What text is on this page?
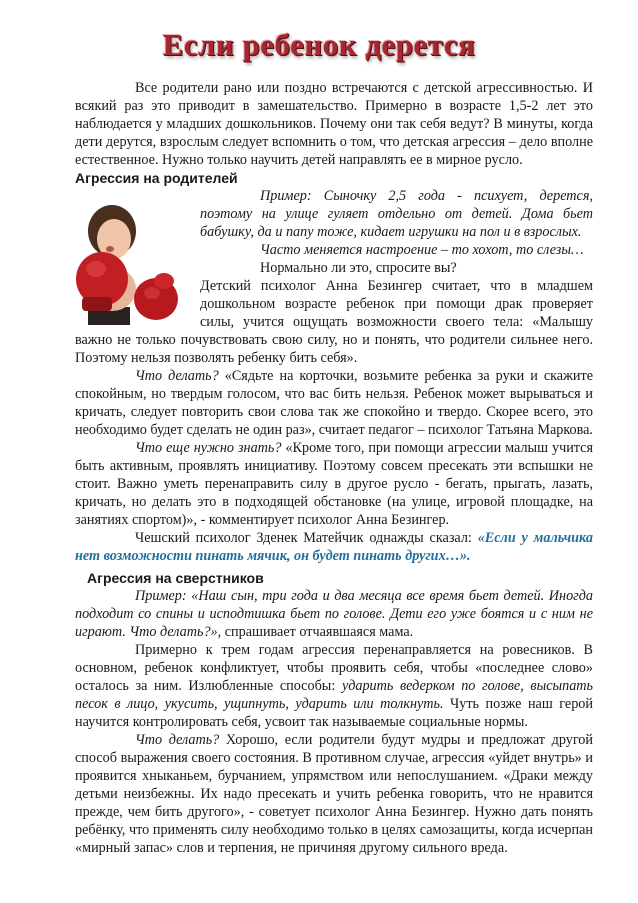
Если ребенок дерется

Все родители рано или поздно встречаются с детской агрессивностью. И всякий раз это приводит в замешательство. Примерно в возрасте 1,5-2 лет это наблюдается у младших дошкольников. Почему они так себя ведут? В минуты, когда дети дерутся, взрослым следует вспомнить о том, что детская агрессия – дело вполне естественное. Нужно только научить детей направлять ее в мирное русло.

Агрессия на родителей

Пример: Сыночку 2,5 года - психует, дерется, поэтому на улице гуляет отдельно от детей. Дома бьет бабушку, да и папу тоже, кидает игрушки на пол и в взрослых.

Часто меняется настроение – то хохот, то слезы…

Нормально ли это, спросите вы?

Детский психолог Анна Безингер считает, что в младшем дошкольном возрасте ребенок при помощи драк проверяет силы, учится ощущать возможности своего тела: «Малышу важно не только почувствовать свою силу, но и понять, что родители сильнее него. Поэтому нельзя позволять ребенку бить себя».

Что делать? «Сядьте на корточки, возьмите ребенка за руки и скажите спокойным, но твердым голосом, что вас бить нельзя. Ребенок может вырываться и кричать, следует повторить свои слова так же спокойно и твердо. Скорее всего, это необходимо будет сделать не один раз», считает педагог – психолог Татьяна Маркова.

Что еще нужно знать? «Кроме того, при помощи агрессии малыш учится быть активным, проявлять инициативу. Поэтому совсем пресекать эти вспышки не стоит. Важно уметь перенаправить силу в другое русло - бегать, прыгать, лазать, кричать, но делать это в подходящей обстановке (на улице, игровой площадке, на занятиях спортом)», - комментирует психолог Анна Безингер.

Чешский психолог Зденек Матейчик однажды сказал: «Если у мальчика нет возможности пинать мячик, он будет пинать других…».

Агрессия на сверстников

Пример: «Наш сын, три года и два месяца все время бьет детей. Иногда подходит со спины и исподтишка бьет по голове. Дети его уже боятся и с ним не играют. Что делать?», спрашивает отчаявшаяся мама.

Примерно к трем годам агрессия перенаправляется на ровесников. В основном, ребенок конфликтует, чтобы проявить себя, чтобы «последнее слово» осталось за ним. Излюбленные способы: ударить ведерком по голове, высыпать песок в лицо, укусить, ущипнуть, ударить или толкнуть. Чуть позже наш герой научится контролировать себя, усвоит так называемые социальные нормы.

Что делать? Хорошо, если родители будут мудры и предложат другой способ выражения своего состояния. В противном случае, агрессия «уйдет внутрь» и проявится хныканьем, бурчанием, упрямством или непослушанием. «Драки между детьми неизбежны. Их надо пресекать и учить ребенка говорить, что не нравится прежде, чем бить другого», - советует психолог Анна Безингер. Нужно дать понять ребёнку, что применять силу необходимо только в целях самозащиты, когда исчерпан «мирный запас» слов и терпения, не причиняя другому сильного вреда.
